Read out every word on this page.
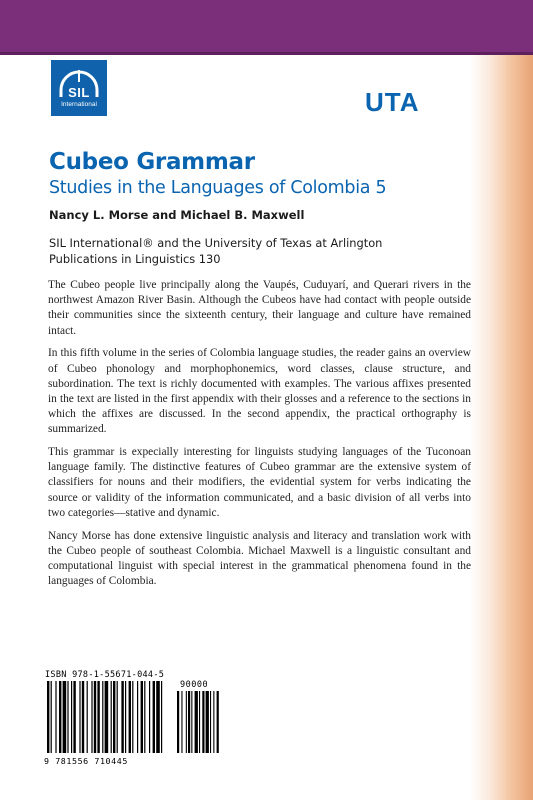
SIL
International	UTA
Cubeo Grammar
Studies in the Languages of Colombia 5
Nancy L. Morse and Michael B. Maxwell
SIL International® and the University of Texas at Arlington
Publications in Linguistics 130

The Cubeo people live principally along the Vaupés, Cuduyarí, and Querari rivers in the northwest Amazon River Basin. Although the Cubeos have had contact with people outside their communities since the sixteenth century, their language and culture have remained intact.

In this fifth volume in the series of Colombia language studies, the reader gains an overview of Cubeo phonology and morphophonemics, word classes, clause structure, and subordination. The text is richly documented with examples. The various affixes presented in the text are listed in the first appendix with their glosses and a reference to the sections in which the affixes are discussed. In the second appendix, the practical orthography is summarized.

This grammar is expecially interesting for linguists studying languages of the Tuconoan language family. The distinctive features of Cubeo grammar are the extensive system of classifiers for nouns and their modifiers, the evidential system for verbs indicating the source or validity of the information communicated, and a basic division of all verbs into two categories—stative and dynamic.

Nancy Morse has done extensive linguistic analysis and literacy and translation work with the Cubeo people of southeast Colombia. Michael Maxwell is a linguistic consultant and computational linguist with special interest in the grammatical phenomena found in the languages of Colombia.

ISBN 978-1-55671-044-5
90000
9 781556 710445
